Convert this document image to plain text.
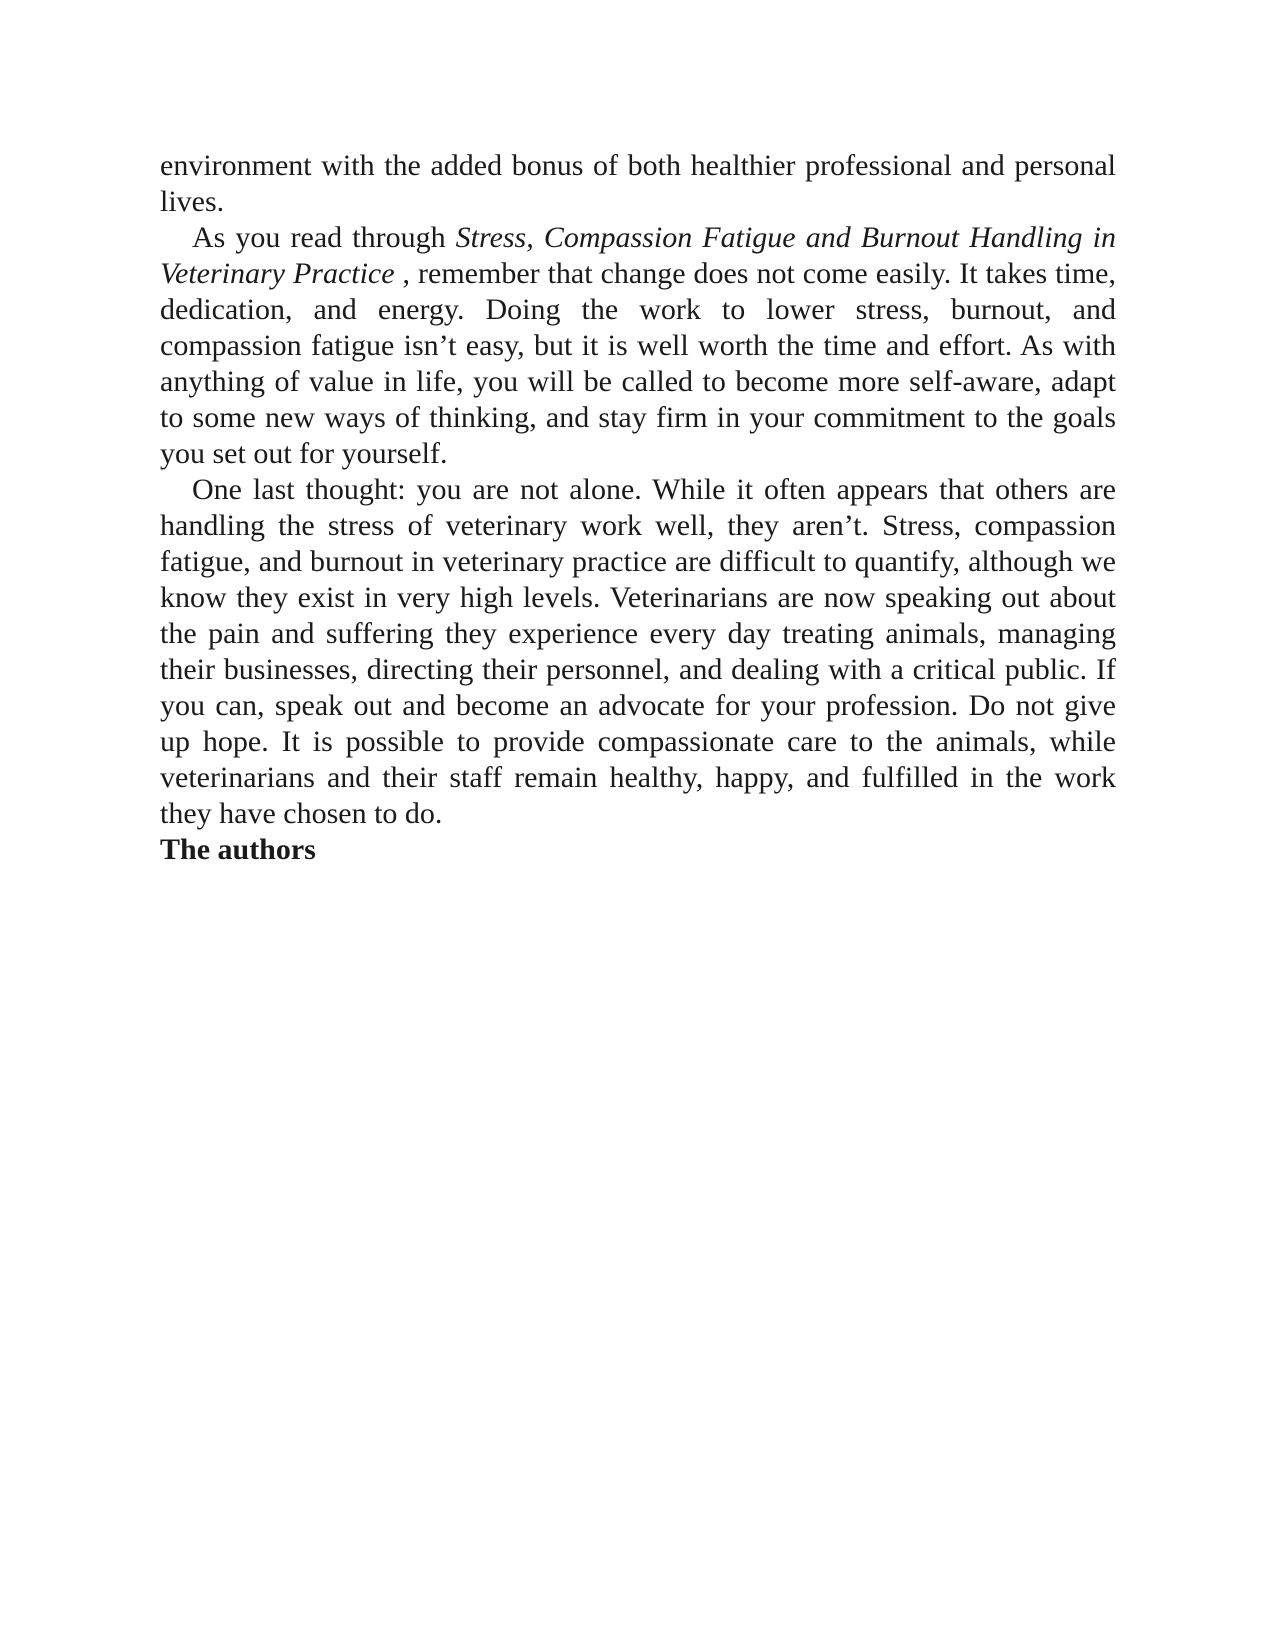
environment with the added bonus of both healthier professional and personal lives.

As you read through Stress, Compassion Fatigue and Burnout Handling in Veterinary Practice , remember that change does not come easily. It takes time, dedication, and energy. Doing the work to lower stress, burnout, and compassion fatigue isn’t easy, but it is well worth the time and effort. As with anything of value in life, you will be called to become more self-aware, adapt to some new ways of thinking, and stay firm in your commitment to the goals you set out for yourself.

One last thought: you are not alone. While it often appears that others are handling the stress of veterinary work well, they aren’t. Stress, compassion fatigue, and burnout in veterinary practice are difficult to quantify, although we know they exist in very high levels. Veterinarians are now speaking out about the pain and suffering they experience every day treating animals, managing their businesses, directing their personnel, and dealing with a critical public. If you can, speak out and become an advocate for your profession. Do not give up hope. It is possible to provide compassionate care to the animals, while veterinarians and their staff remain healthy, happy, and fulfilled in the work they have chosen to do.

The authors
